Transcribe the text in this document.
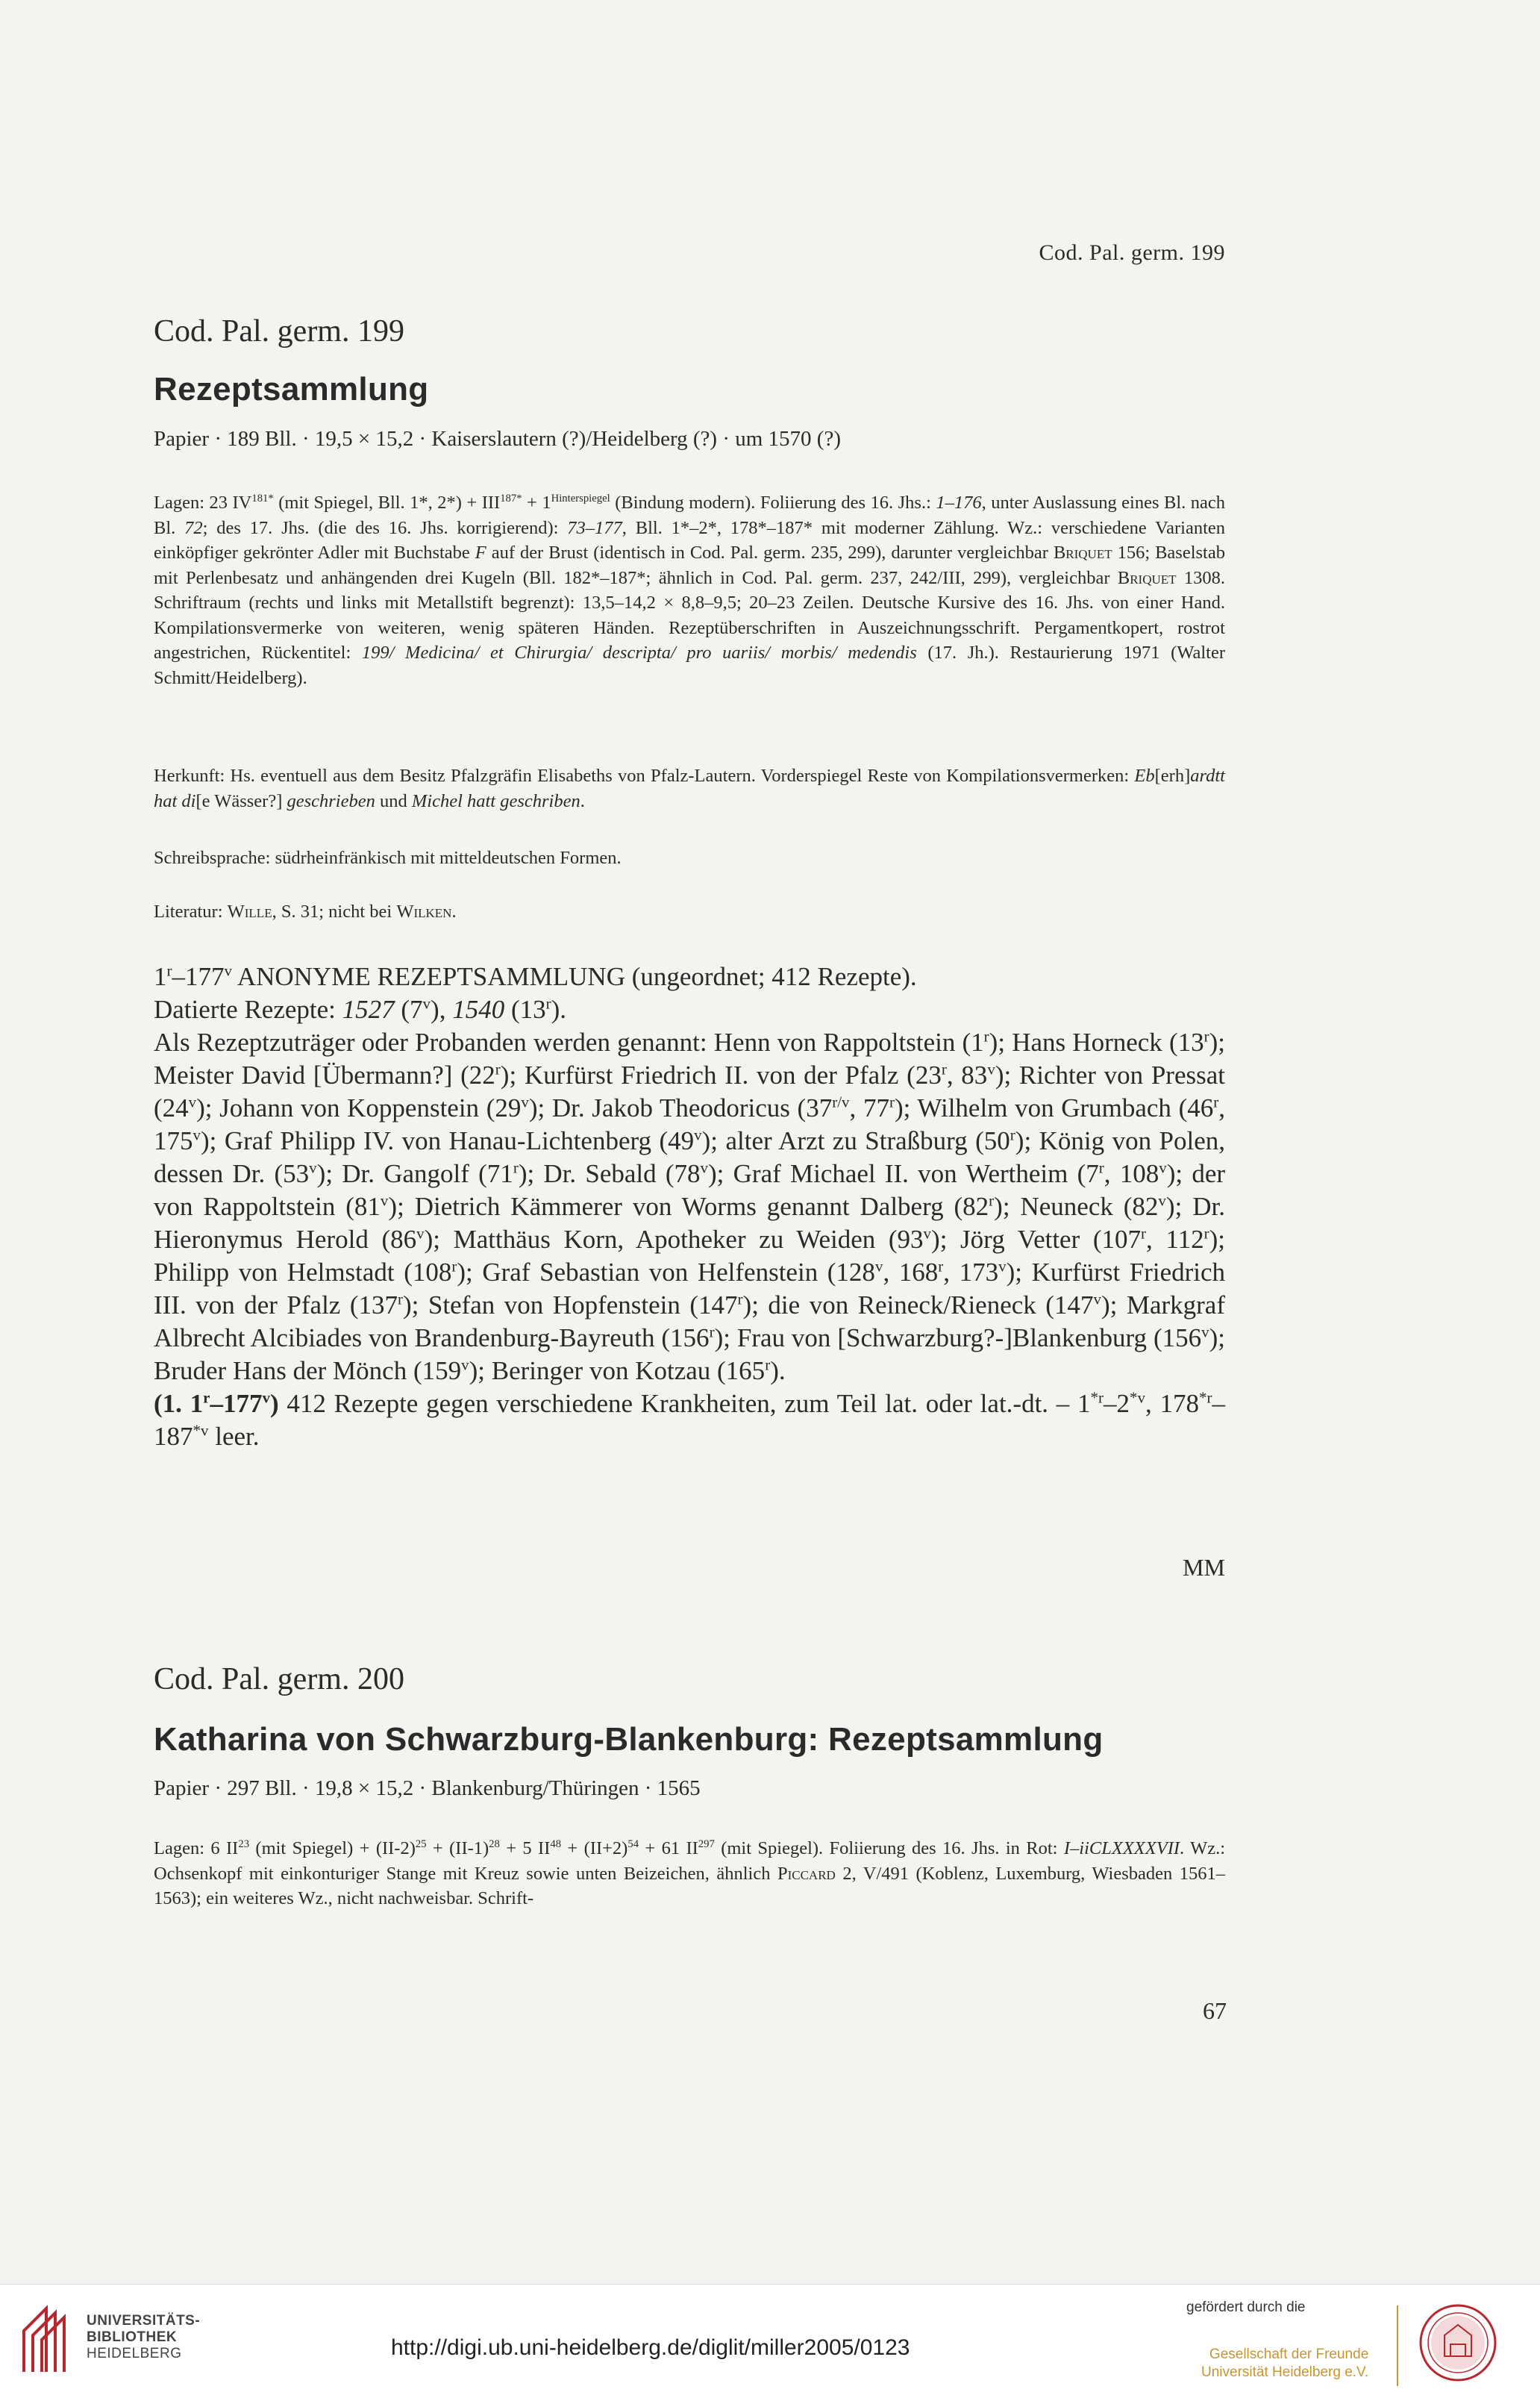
Cod. Pal. germ. 199
Cod. Pal. germ. 199
Rezeptsammlung
Papier · 189 Bll. · 19,5 × 15,2 · Kaiserslautern (?)/Heidelberg (?) · um 1570 (?)

Lagen: 23 $IV^{181*}$ (mit Spiegel, Bll. 1*, $2*) + III^{187*} + 1^{Hinterspiegel}$ (Bindung modern). Foliierung des 16. Jhs.: 1–176, unter Auslassung eines Bl. nach Bl. 72; des 17. Jhs. (die des 16. Jhs. korrigierend): 73–177, Bll. 1*–2*, 178*–187* mit moderner Zählung. Wz.: verschiedene Varianten einköpfiger gekrönter Adler mit Buchstabe F auf der Brust (identisch in Cod. Pal. germ. 235, 299), darunter vergleichbar Briquet 156; Baselstab mit Perlenbesatz und anhängenden drei Kugeln (Bll. 182*–187*; ähnlich in Cod. Pal. germ. 237, 242/III, 299), vergleichbar Briquet 1308. Schriftraum (rechts und links mit Metallstift begrenzt): 13,5–14,2 × 8,8–9,5; 20–23 Zeilen. Deutsche Kursive des 16. Jhs. von einer Hand. Kompilationsvermerke von weiteren, wenig späteren Händen. Rezeptüberschriften in Auszeichnungsschrift. Pergamentkopert, rostrot angestrichen, Rückentitel: 199/ Medicina/ et Chirurgia/ descripta/ pro uariis/ morbis/ medendis (17. Jh.). Restaurierung 1971 (Walter Schmitt/Heidelberg).

Herkunft: Hs. eventuell aus dem Besitz Pfalzgräfin Elisabeths von Pfalz-Lautern. Vorderspiegel Reste von Kompilationsvermerken: Eb[erh]ardtt hat di[e Wässer?] geschrieben und Michel hatt geschriben.

Schreibsprache: südrheinfränkisch mit mitteldeutschen Formen.

Literatur: Wille, S. 31; nicht bei Wilken.

1$^r$–177$^v$ ANONYME REZEPTSAMMLUNG (ungeordnet; 412 Rezepte).

Datierte Rezepte: 1527 (7$^v$), 1540 (13$^r$).

Als Rezeptzuträger oder Probanden werden genannt: Henn von Rappoltstein (1$^r$); Hans Horneck (13$^r$); Meister David [Übermann?] (22$^r$); Kurfürst Friedrich II. von der Pfalz (23$^r$, 83$^v$); Richter von Pressat (24$^v$); Johann von Koppenstein (29$^v$); Dr. Jakob Theodoricus ($37^{r/v}$, 77$^r$); Wilhelm von Grumbach (46$^r$, 175$^v$); Graf Philipp IV. von Hanau-Lichtenberg (49$^v$); alter Arzt zu Straßburg (50$^r$); König von Polen, dessen Dr. (53$^v$); Dr. Gangolf (71$^r$); Dr. Sebald (78$^v$); Graf Michael II. von Wertheim (7$^r$, 108$^v$); der von Rappoltstein (81$^v$); Dietrich Kämmerer von Worms genannt Dalberg (82$^r$); Neuneck (82$^v$); Dr. Hieronymus Herold (86$^v$); Matthäus Korn, Apotheker zu Weiden (93$^v$); Jörg Vetter (107$^r$, 112$^r$); Philipp von Helmstadt (108$^r$); Graf Sebastian von Helfenstein (128$^v$, 168$^r$, 173$^v$); Kurfürst Friedrich III. von der Pfalz (137$^r$); Stefan von Hopfenstein (147$^r$); die von Reineck/Rieneck (147$^v$); Markgraf Albrecht Alcibiades von Brandenburg-Bayreuth (156$^r$); Frau von [Schwarzburg?-]Blankenburg (156$^v$); Bruder Hans der Mönch (159$^v$); Beringer von Kotzau (165$^r$).

(1. 1$^r$–177$^v$) 412 Rezepte gegen verschiedene Krankheiten, zum Teil lat. oder lat.-dt. – 1$^{*r}$–2$^{*v}$, 178$^{*r}$–187$^{*v}$ leer.

MM
Cod. Pal. germ. 200
Katharina von Schwarzburg-Blankenburg: Rezeptsammlung
Papier · 297 Bll. · 19,8 × 15,2 · Blankenburg/Thüringen · 1565

Lagen: 6 II$^{23}$ (mit Spiegel) + $(II-2)^{25} + (II-1)^{28} + 5$ $II^{48} + (II+2)^{54} + 61$ II$^{297}$ (mit Spiegel). Foliierung des 16. Jhs. in Rot: I–iiCLXXXXVII. Wz.: Ochsenkopf mit einkonturiger Stange mit Kreuz sowie unten Beizeichen, ähnlich Piccard 2, V/491 (Koblenz, Luxemburg, Wiesbaden 1561–1563); ein weiteres Wz., nicht nachweisbar. Schrift-

67
UNIVERSITÄTS-
BIBLIOTHEK
HEIDELBERG	http://digi.ub.uni-heidelberg.de/diglit/miller2005/0123
gefördert durch die
Gesellschaft der Freunde
Universität Heidelberg e.V.
